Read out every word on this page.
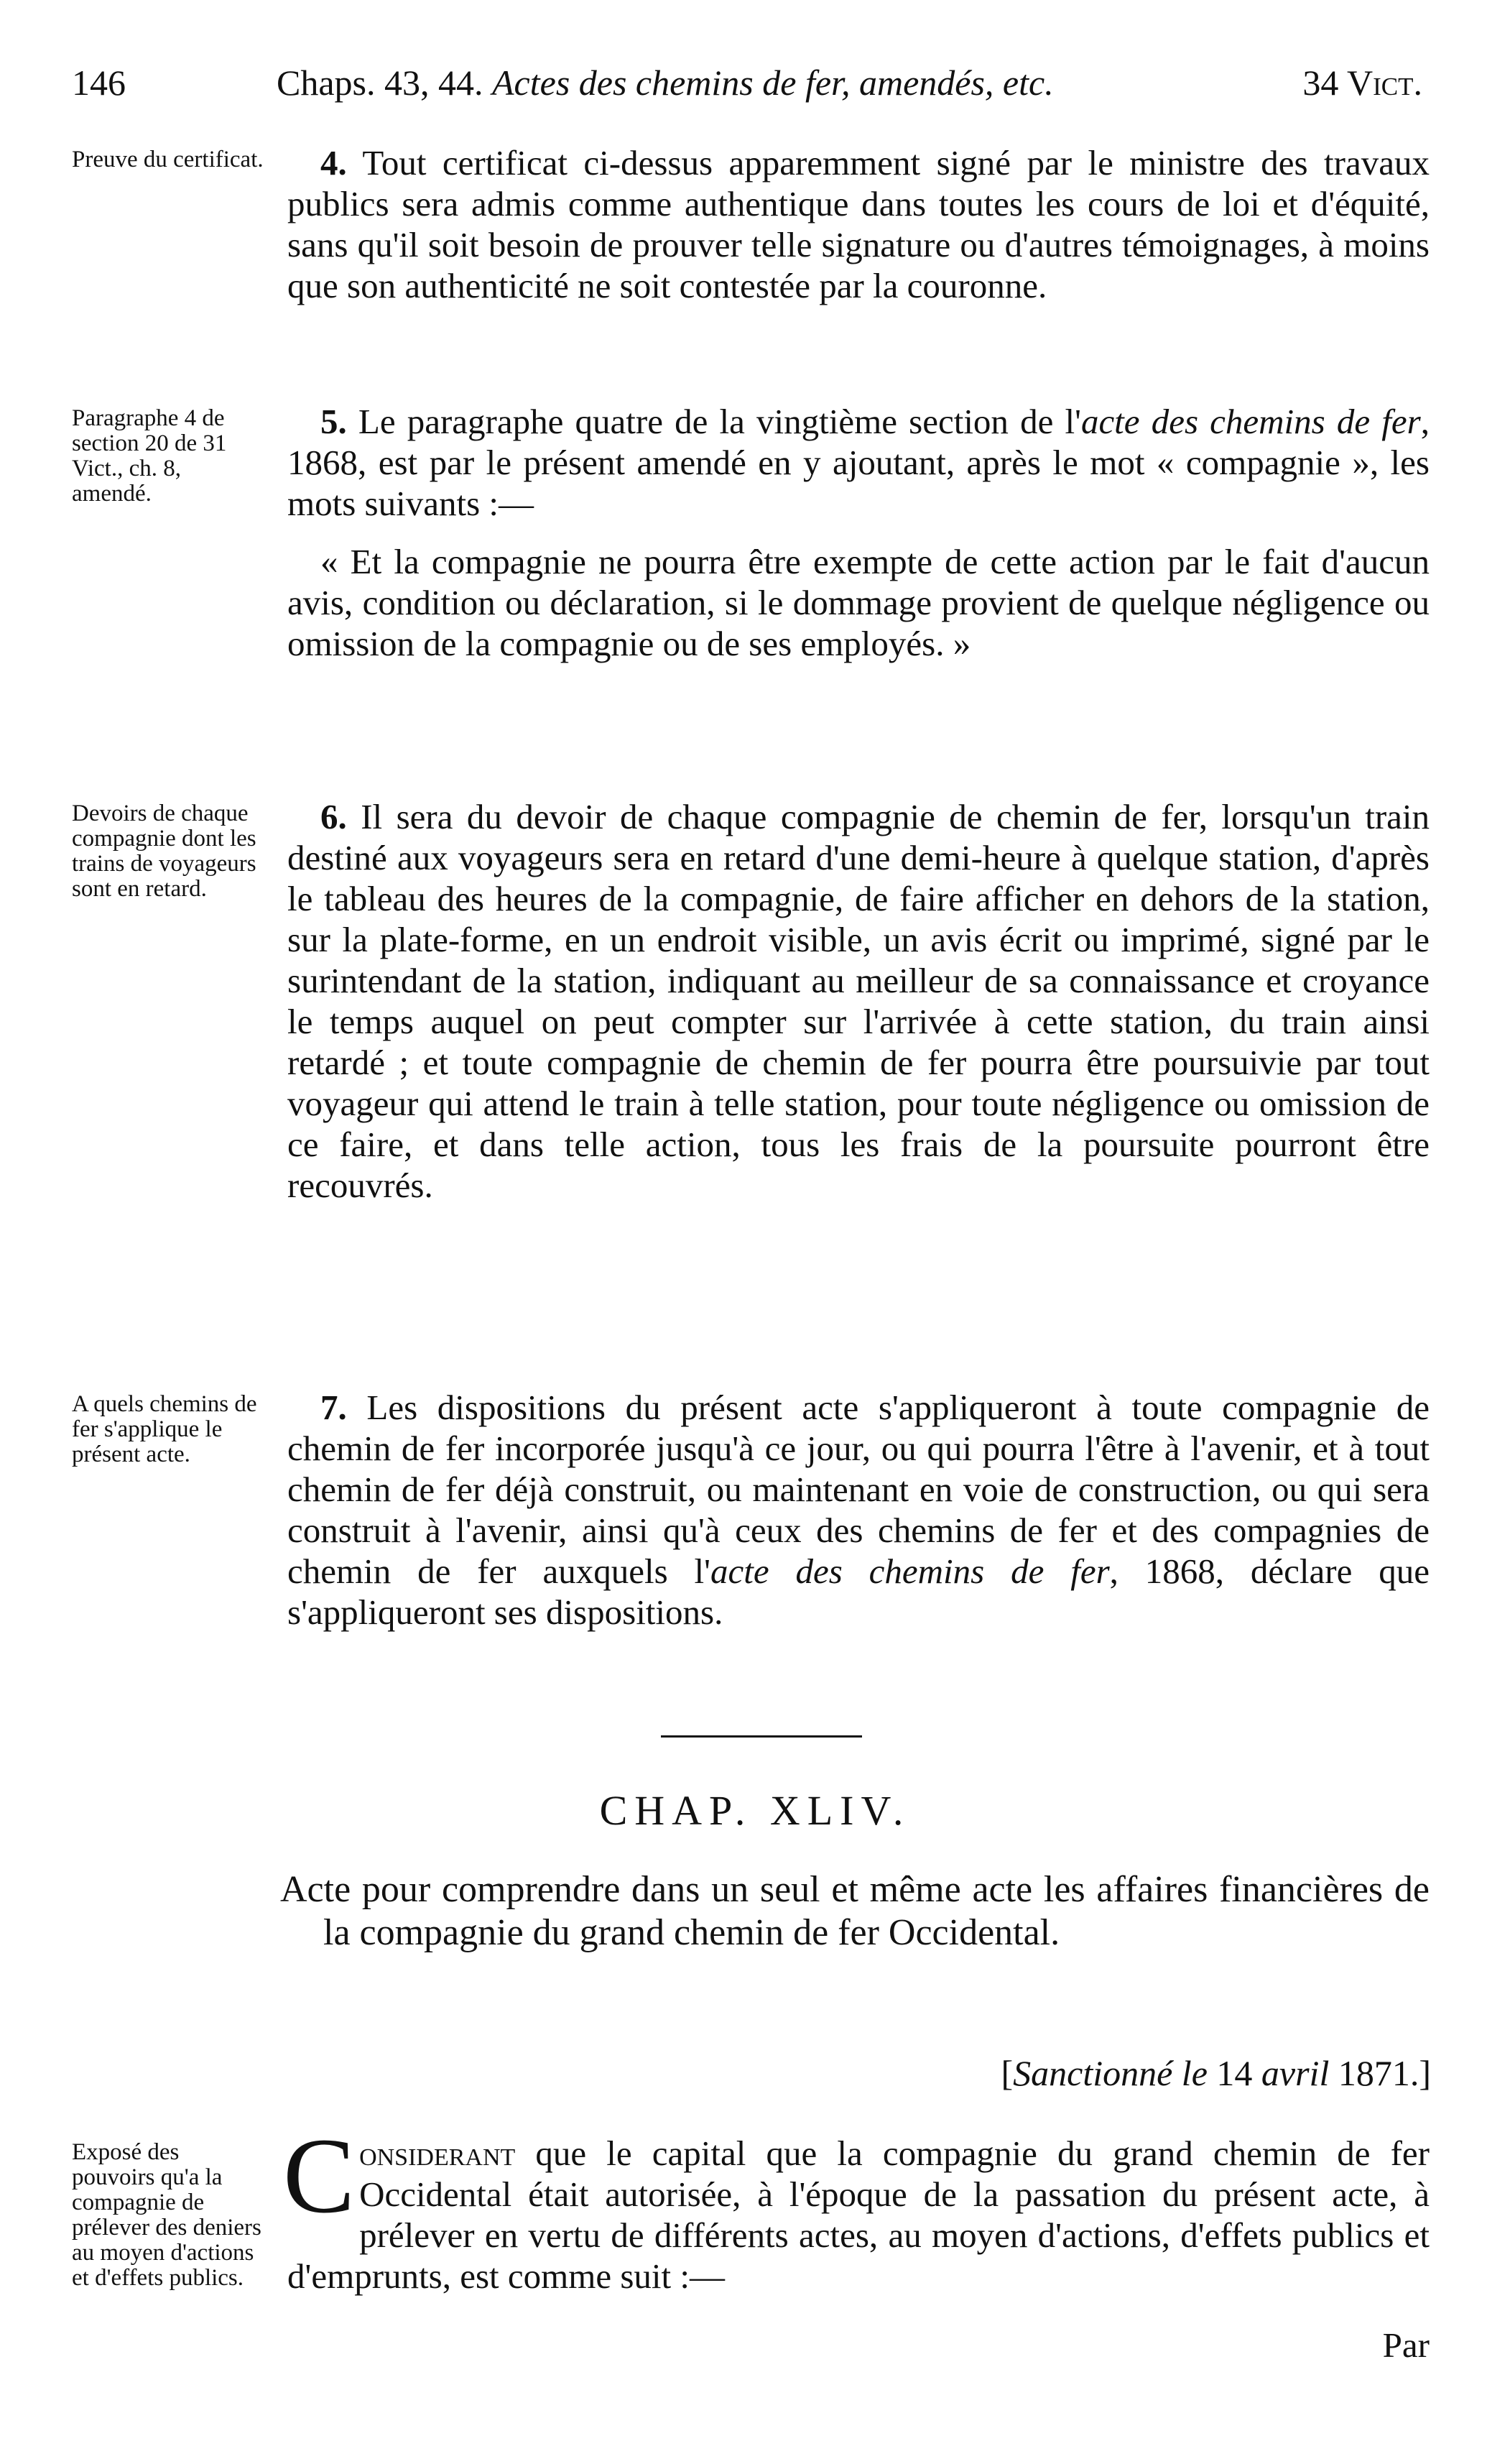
146	Chaps. 43, 44. Actes des chemins de fer, amendés, etc.	34 Vict.
Preuve du certificat.	4. Tout certificat ci-dessus apparemment signé par le ministre des travaux publics sera admis comme authentique dans toutes les cours de loi et d'équité, sans qu'il soit besoin de prouver telle signature ou d'autres témoignages, à moins que son authenticité ne soit contestée par la couronne.

Paragraphe 4 de section 20 de 31 Vict., ch. 8, amendé.

5. Le paragraphe quatre de la vingtième section de l'acte des chemins de fer, 1868, est par le présent amendé en y ajoutant, après le mot « compagnie », les mots suivants :—

« Et la compagnie ne pourra être exempte de cette action par le fait d'aucun avis, condition ou déclaration, si le dommage provient de quelque négligence ou omission de la compagnie ou de ses employés. »

Devoirs de chaque compagnie dont les trains de voyageurs sont en retard.

6. Il sera du devoir de chaque compagnie de chemin de fer, lorsqu'un train destiné aux voyageurs sera en retard d'une demi-heure à quelque station, d'après le tableau des heures de la compagnie, de faire afficher en dehors de la station, sur la plate-forme, en un endroit visible, un avis écrit ou imprimé, signé par le surintendant de la station, indiquant au meilleur de sa connaissance et croyance le temps auquel on peut compter sur l'arrivée à cette station, du train ainsi retardé ; et toute compagnie de chemin de fer pourra être poursuivie par tout voyageur qui attend le train à telle station, pour toute négligence ou omission de ce faire, et dans telle action, tous les frais de la poursuite pourront être recouvrés.

A quels chemins de fer s'applique le présent acte.

7. Les dispositions du présent acte s'appliqueront à toute compagnie de chemin de fer incorporée jusqu'à ce jour, ou qui pourra l'être à l'avenir, et à tout chemin de fer déjà construit, ou maintenant en voie de construction, ou qui sera construit à l'avenir, ainsi qu'à ceux des chemins de fer et des compagnies de chemin de fer auxquels l'acte des chemins de fer, 1868, déclare que s'appliqueront ses dispositions.

CHAP. XLIV.
Acte pour comprendre dans un seul et même acte les affaires financières de la compagnie du grand chemin de fer Occidental.
[Sanctionné le 14 avril 1871.]
Exposé des pouvoirs qu'a la compagnie de prélever des deniers au moyen d'actions et d'effets publics.

Considerant que le capital que la compagnie du grand chemin de fer Occidental était autorisée, à l'époque de la passation du présent acte, à prélever en vertu de différents actes, au moyen d'actions, d'effets publics et d'emprunts, est comme suit :—

Par
